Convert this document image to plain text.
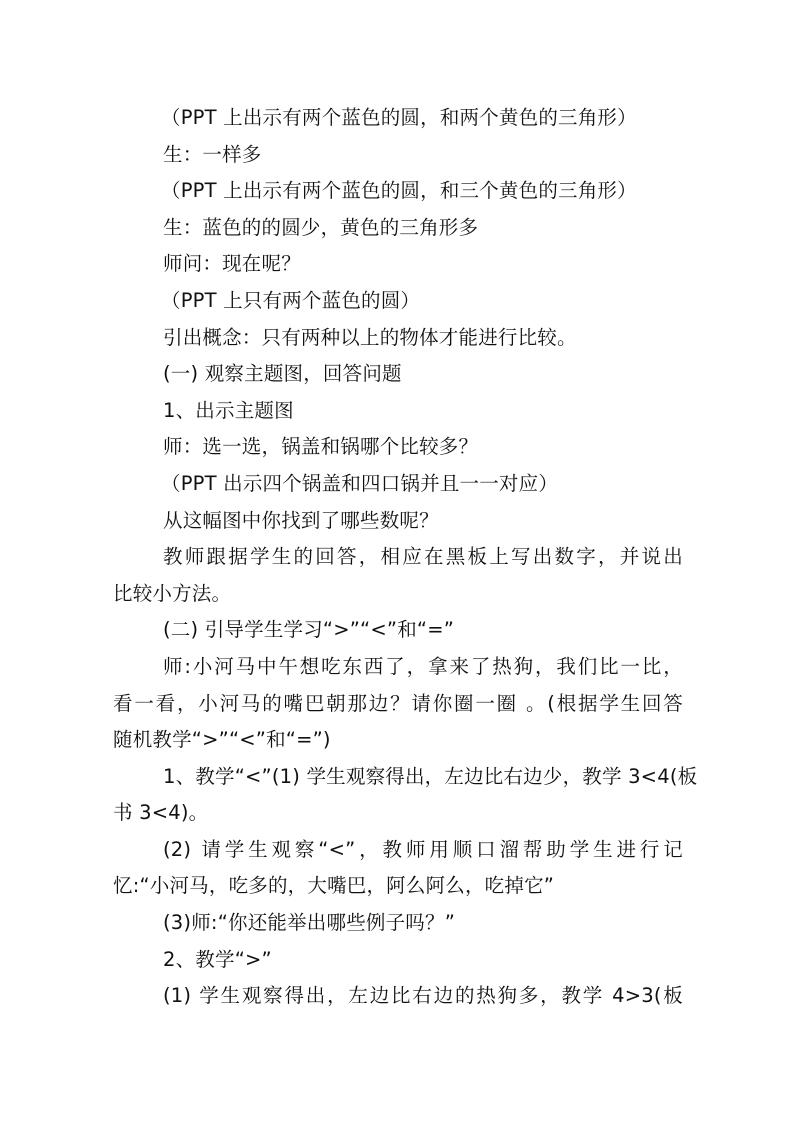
（PPT 上出示有两个蓝色的圆，和两个黄色的三角形）
生：一样多
（PPT 上出示有两个蓝色的圆，和三个黄色的三角形）
生：蓝色的的圆少，黄色的三角形多
师问：现在呢？
（PPT 上只有两个蓝色的圆）
引出概念：只有两种以上的物体才能进行比较。
(一) 观察主题图，回答问题
1、出示主题图
师：选一选，锅盖和锅哪个比较多？
（PPT 出示四个锅盖和四口锅并且一一对应）
从这幅图中你找到了哪些数呢？
教师跟据学生的回答，相应在黑板上写出数字，并说出
比较小方法。
(二) 引导学生学习“>”“<”和“=”
师:小河马中午想吃东西了，拿来了热狗，我们比一比，
看一看，小河马的嘴巴朝那边？请你圈一圈 。(根据学生回答
随机教学“>”“<”和“=”)
1、教学“<”(1) 学生观察得出，左边比右边少，教学 3<4(板
书 3<4)。
(2) 请学生观察“<”，教师用顺口溜帮助学生进行记
忆:“小河马，吃多的，大嘴巴，阿么阿么，吃掉它”
(3)师:“你还能举出哪些例子吗？”
2、教学“>”
(1) 学生观察得出，左边比右边的热狗多，教学 4>3(板
